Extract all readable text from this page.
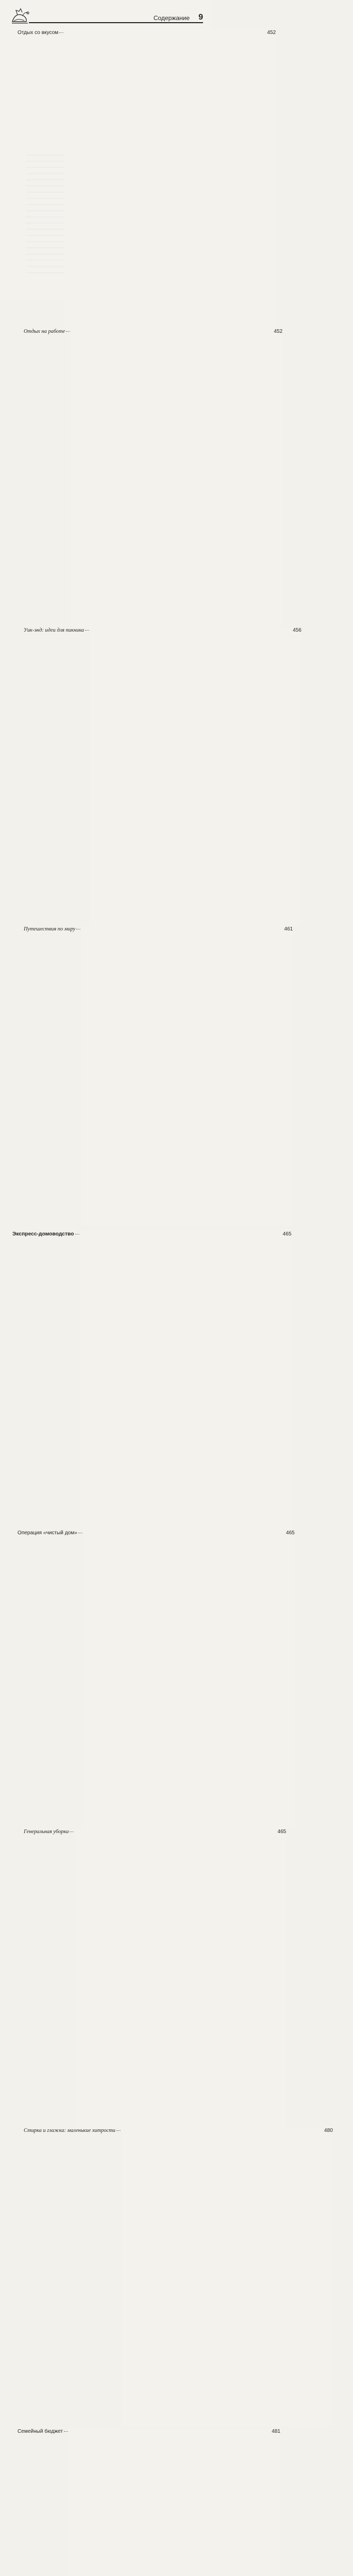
Содержание 9
Отдых со вкусом	452
Отдых на работе	452
Уик-энд: идеи для пикника	456
Путешествия по миру	461
Экспресс-домоводство	465
Операция «чистый дом»	465
Генеральная уборка	465
Стирка и глажка: маленькие хитрости	480
Семейный бюджет	481
